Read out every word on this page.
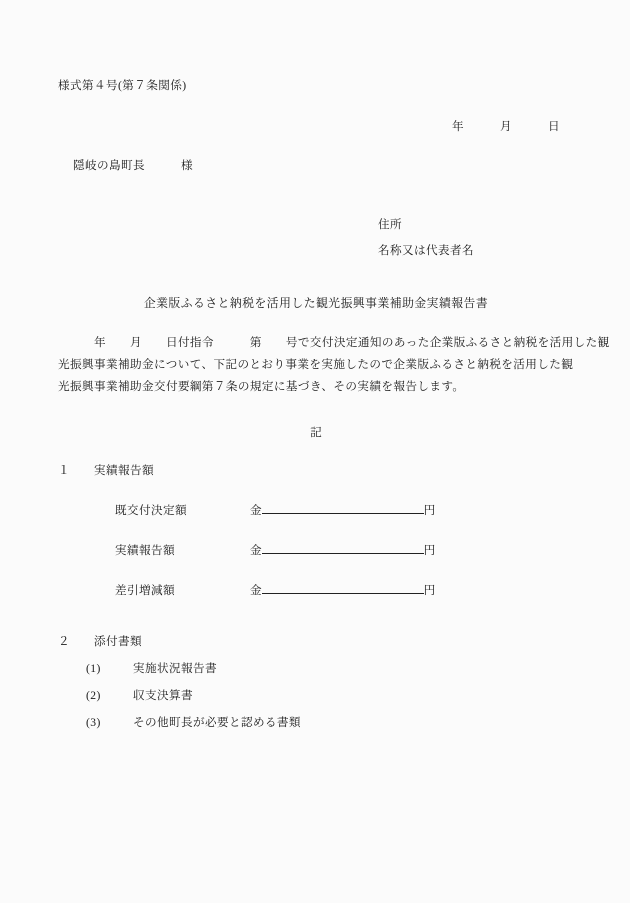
様式第４号(第７条関係)
年　　　月　　　日
隠岐の島町長　　　様
住所
名称又は代表者名
企業版ふるさと納税を活用した観光振興事業補助金実績報告書
　　　年　　月　　日付指令　　　第　　号で交付決定通知のあった企業版ふるさと納税を活用した観
光振興事業補助金について、下記のとおり事業を実施したので企業版ふるさと納税を活用した観
光振興事業補助金交付要綱第７条の規定に基づき、その実績を報告します。
記
１　　 実績報告額
既交付決定額	金	円
実績報告額	金	円
差引増減額	金	円
２　　 添付書類
(1)	実施状況報告書
(2)	収支決算書
(3)	その他町長が必要と認める書類
